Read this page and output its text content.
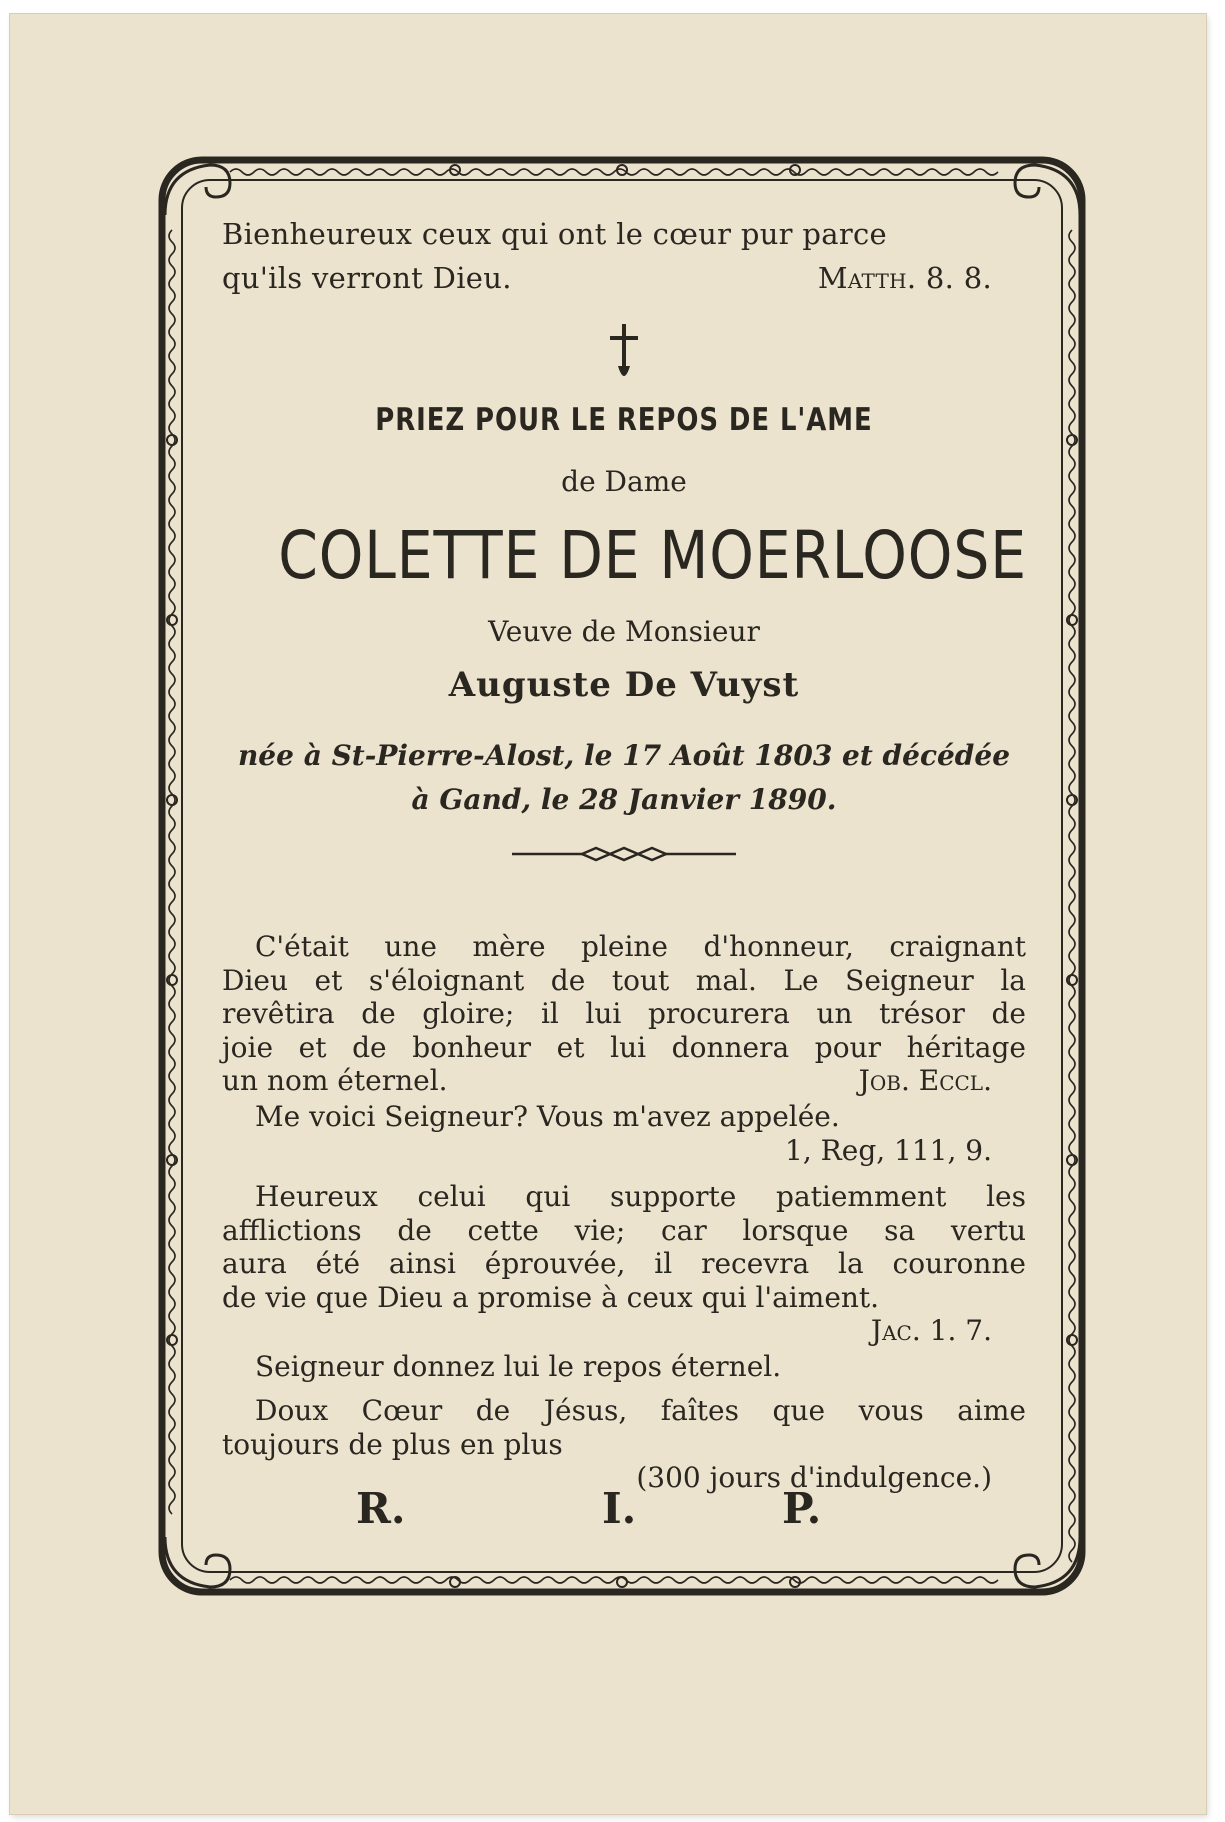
Bienheureux ceux qui ont le cœur pur parce
qu'ils verront Dieu.	Matth. 8. 8.
PRIEZ POUR LE REPOS DE L'AME
de Dame
COLETTE DE MOERLOOSE
Veuve de Monsieur
Auguste De Vuyst
née à St-Pierre-Alost, le 17 Août 1803 et décédée
à Gand, le 28 Janvier 1890.
C'était une mère pleine d'honneur, craignant
Dieu et s'éloignant de tout mal. Le Seigneur la
revêtira de gloire; il lui procurera un trésor de
joie et de bonheur et lui donnera pour héritage
un nom éternel.	Job. Eccl.
Me voici Seigneur? Vous m'avez appelée.
1, Reg, 111, 9.
Heureux celui qui supporte patiemment les
afflictions de cette vie; car lorsque sa vertu
aura été ainsi éprouvée, il recevra la couronne
de vie que Dieu a promise à ceux qui l'aiment.
Jac. 1. 7.
Seigneur donnez lui le repos éternel.
Doux Cœur de Jésus, faîtes que vous aime
toujours de plus en plus
(300 jours d'indulgence.)
R.	I.	P.
